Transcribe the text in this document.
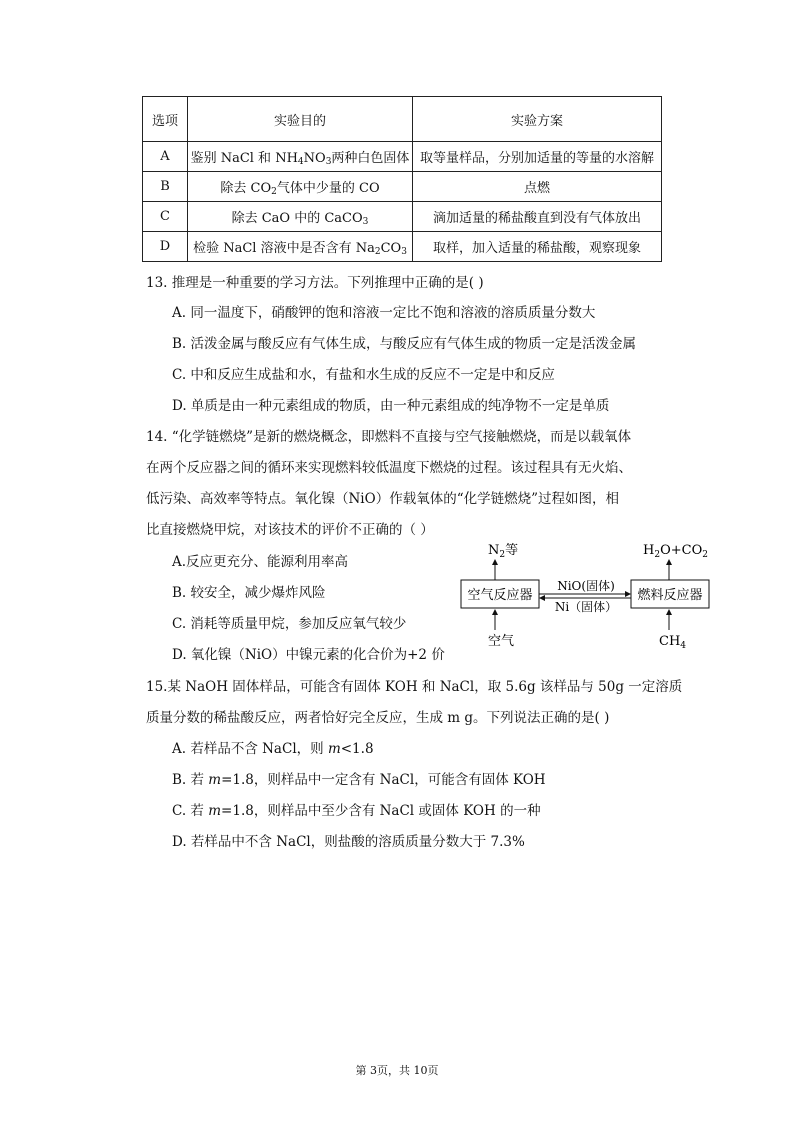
选项	实验目的	实验方案
A	鉴别 NaCl 和 $NH_4NO_3$两种白色固体	取等量样品，分别加适量的等量的水溶解
B	除去 $CO_2$气体中少量的 CO	点燃
C	除去 CaO 中的 CaCO$_3$	滴加适量的稀盐酸直到没有气体放出
D	检验 NaCl 溶液中是否含有 $Na_2CO_3$	取样，加入适量的稀盐酸，观察现象
13. 推理是一种重要的学习方法。下列推理中正确的是( )
A. 同一温度下，硝酸钾的饱和溶液一定比不饱和溶液的溶质质量分数大
B. 活泼金属与酸反应有气体生成，与酸反应有气体生成的物质一定是活泼金属
C. 中和反应生成盐和水，有盐和水生成的反应不一定是中和反应
D. 单质是由一种元素组成的物质，由一种元素组成的纯净物不一定是单质
14. “化学链燃烧”是新的燃烧概念，即燃料不直接与空气接触燃烧，而是以载氧体
在两个反应器之间的循环来实现燃料较低温度下燃烧的过程。该过程具有无火焰、
低污染、高效率等特点。氧化镍（NiO）作载氧体的“化学链燃烧”过程如图，相
比直接燃烧甲烷，对该技术的评价不正确的（ ）
A.反应更充分、能源利用率高
B. 较安全，减少爆炸风险
C. 消耗等质量甲烷，参加反应氧气较少
D. 氧化镍（NiO）中镍元素的化合价为+2 价
$N_2$等	$H_2O+CO_2$
空气反应器	燃料反应器
NiO(固体)
Ni（固体）
空气	$CH_4$
15.某 NaOH 固体样品，可能含有固体 KOH 和 NaCl，取 5.6g 该样品与 50g 一定溶质
质量分数的稀盐酸反应，两者恰好完全反应，生成 m g。下列说法正确的是( )
A. 若样品不含 NaCl，则 m<1.8
B. 若 m=1.8，则样品中一定含有 NaCl，可能含有固体 KOH
C. 若 m=1.8，则样品中至少含有 NaCl 或固体 KOH 的一种
D. 若样品中不含 NaCl，则盐酸的溶质质量分数大于 7.3%
第 3页，共 10页
